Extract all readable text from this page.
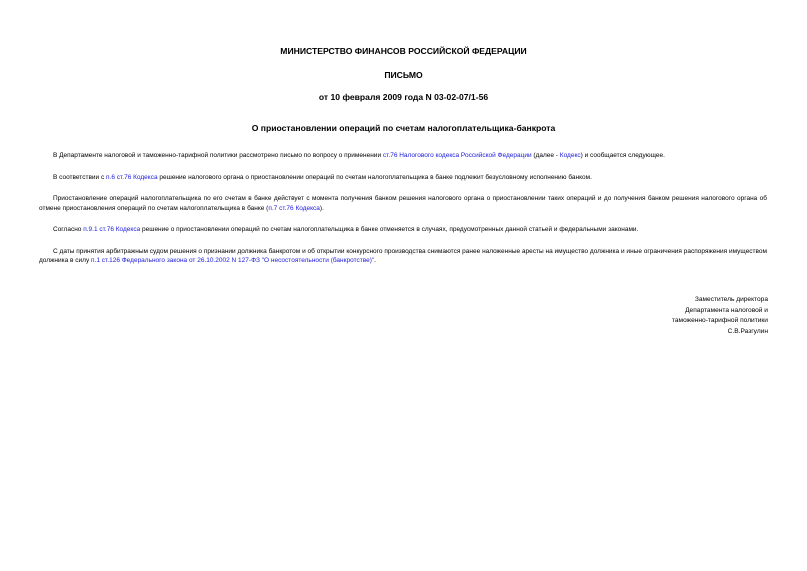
МИНИСТЕРСТВО ФИНАНСОВ РОССИЙСКОЙ ФЕДЕРАЦИИ
ПИСЬМО
от 10 февраля 2009 года N 03-02-07/1-56
О приостановлении операций по счетам налогоплательщика-банкрота

В Департаменте налоговой и таможенно-тарифной политики рассмотрено письмо по вопросу о применении ст.76 Налогового кодекса Российской Федерации (далее - Кодекс) и сообщается следующее.

В соответствии с п.6 ст.76 Кодекса решение налогового органа о приостановлении операций по счетам налогоплательщика в банке подлежит безусловному исполнению банком.

Приостановление операций налогоплательщика по его счетам в банке действует с момента получения банком решения налогового органа о приостановлении таких операций и до получения банком решения налогового органа об отмене приостановления операций по счетам налогоплательщика в банке (п.7 ст.76 Кодекса).

Согласно п.9.1 ст.76 Кодекса решение о приостановлении операций по счетам налогоплательщика в банке отменяется в случаях, предусмотренных данной статьей и федеральными законами.

С даты принятия арбитражным судом решения о признании должника банкротом и об открытии конкурсного производства снимаются ранее наложенные аресты на имущество должника и иные ограничения распоряжения имуществом должника в силу п.1 ст.126 Федерального закона от 26.10.2002 N 127-ФЗ "О несостоятельности (банкротстве)".

Заместитель директора
Департамента налоговой и
таможенно-тарифной политики
С.В.Разгулин
